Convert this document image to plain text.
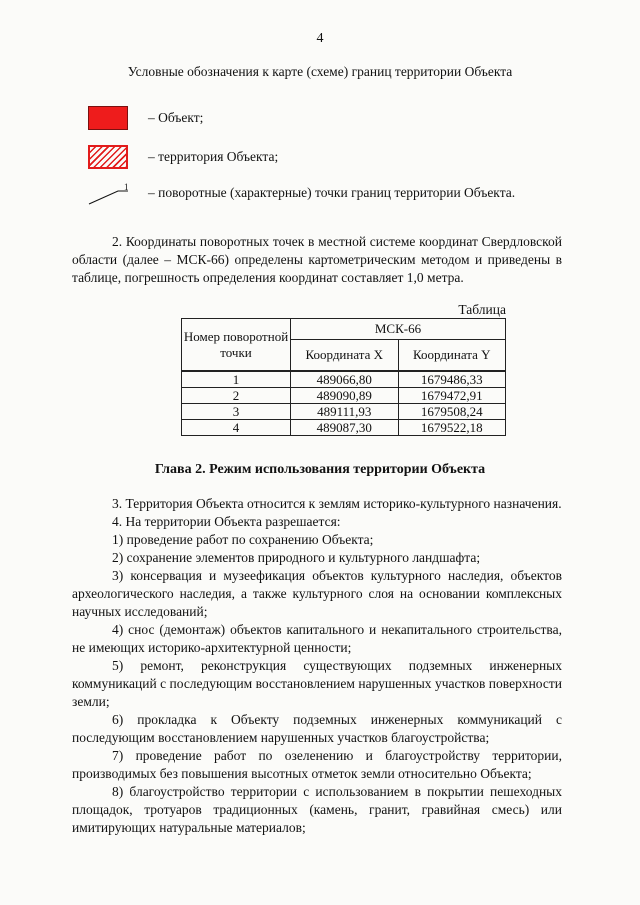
4
Условные обозначения к карте (схеме) границ территории Объекта
– Объект;
– территория Объекта;
1 – поворотные (характерные) точки границ территории Объекта.
2. Координаты поворотных точек в местной системе координат Свердловской области (далее – МСК-66) определены картометрическим методом и приведены в таблице, погрешность определения координат составляет 1,0 метра.
Таблица
Номер поворотной точки	МСК-66	
	Координата X	Координата Y
1	489066,80	1679486,33
2	489090,89	1679472,91
3	489111,93	1679508,24
4	489087,30	1679522,18
Глава 2. Режим использования территории Объекта

3. Территория Объекта относится к землям историко-культурного назначения.

4. На территории Объекта разрешается:

1) проведение работ по сохранению Объекта;

2) сохранение элементов природного и культурного ландшафта;

3) консервация и музеефикация объектов культурного наследия, объектов археологического наследия, а также культурного слоя на основании комплексных научных исследований;

4) снос (демонтаж) объектов капитального и некапитального строительства, не имеющих историко-архитектурной ценности;

5) ремонт, реконструкция существующих подземных инженерных коммуникаций с последующим восстановлением нарушенных участков поверхности земли;

6) прокладка к Объекту подземных инженерных коммуникаций с последующим восстановлением нарушенных участков благоустройства;

7) проведение работ по озеленению и благоустройству территории, производимых без повышения высотных отметок земли относительно Объекта;

8) благоустройство территории с использованием в покрытии пешеходных площадок, тротуаров традиционных (камень, гранит, гравийная смесь) или имитирующих натуральные материалов;
